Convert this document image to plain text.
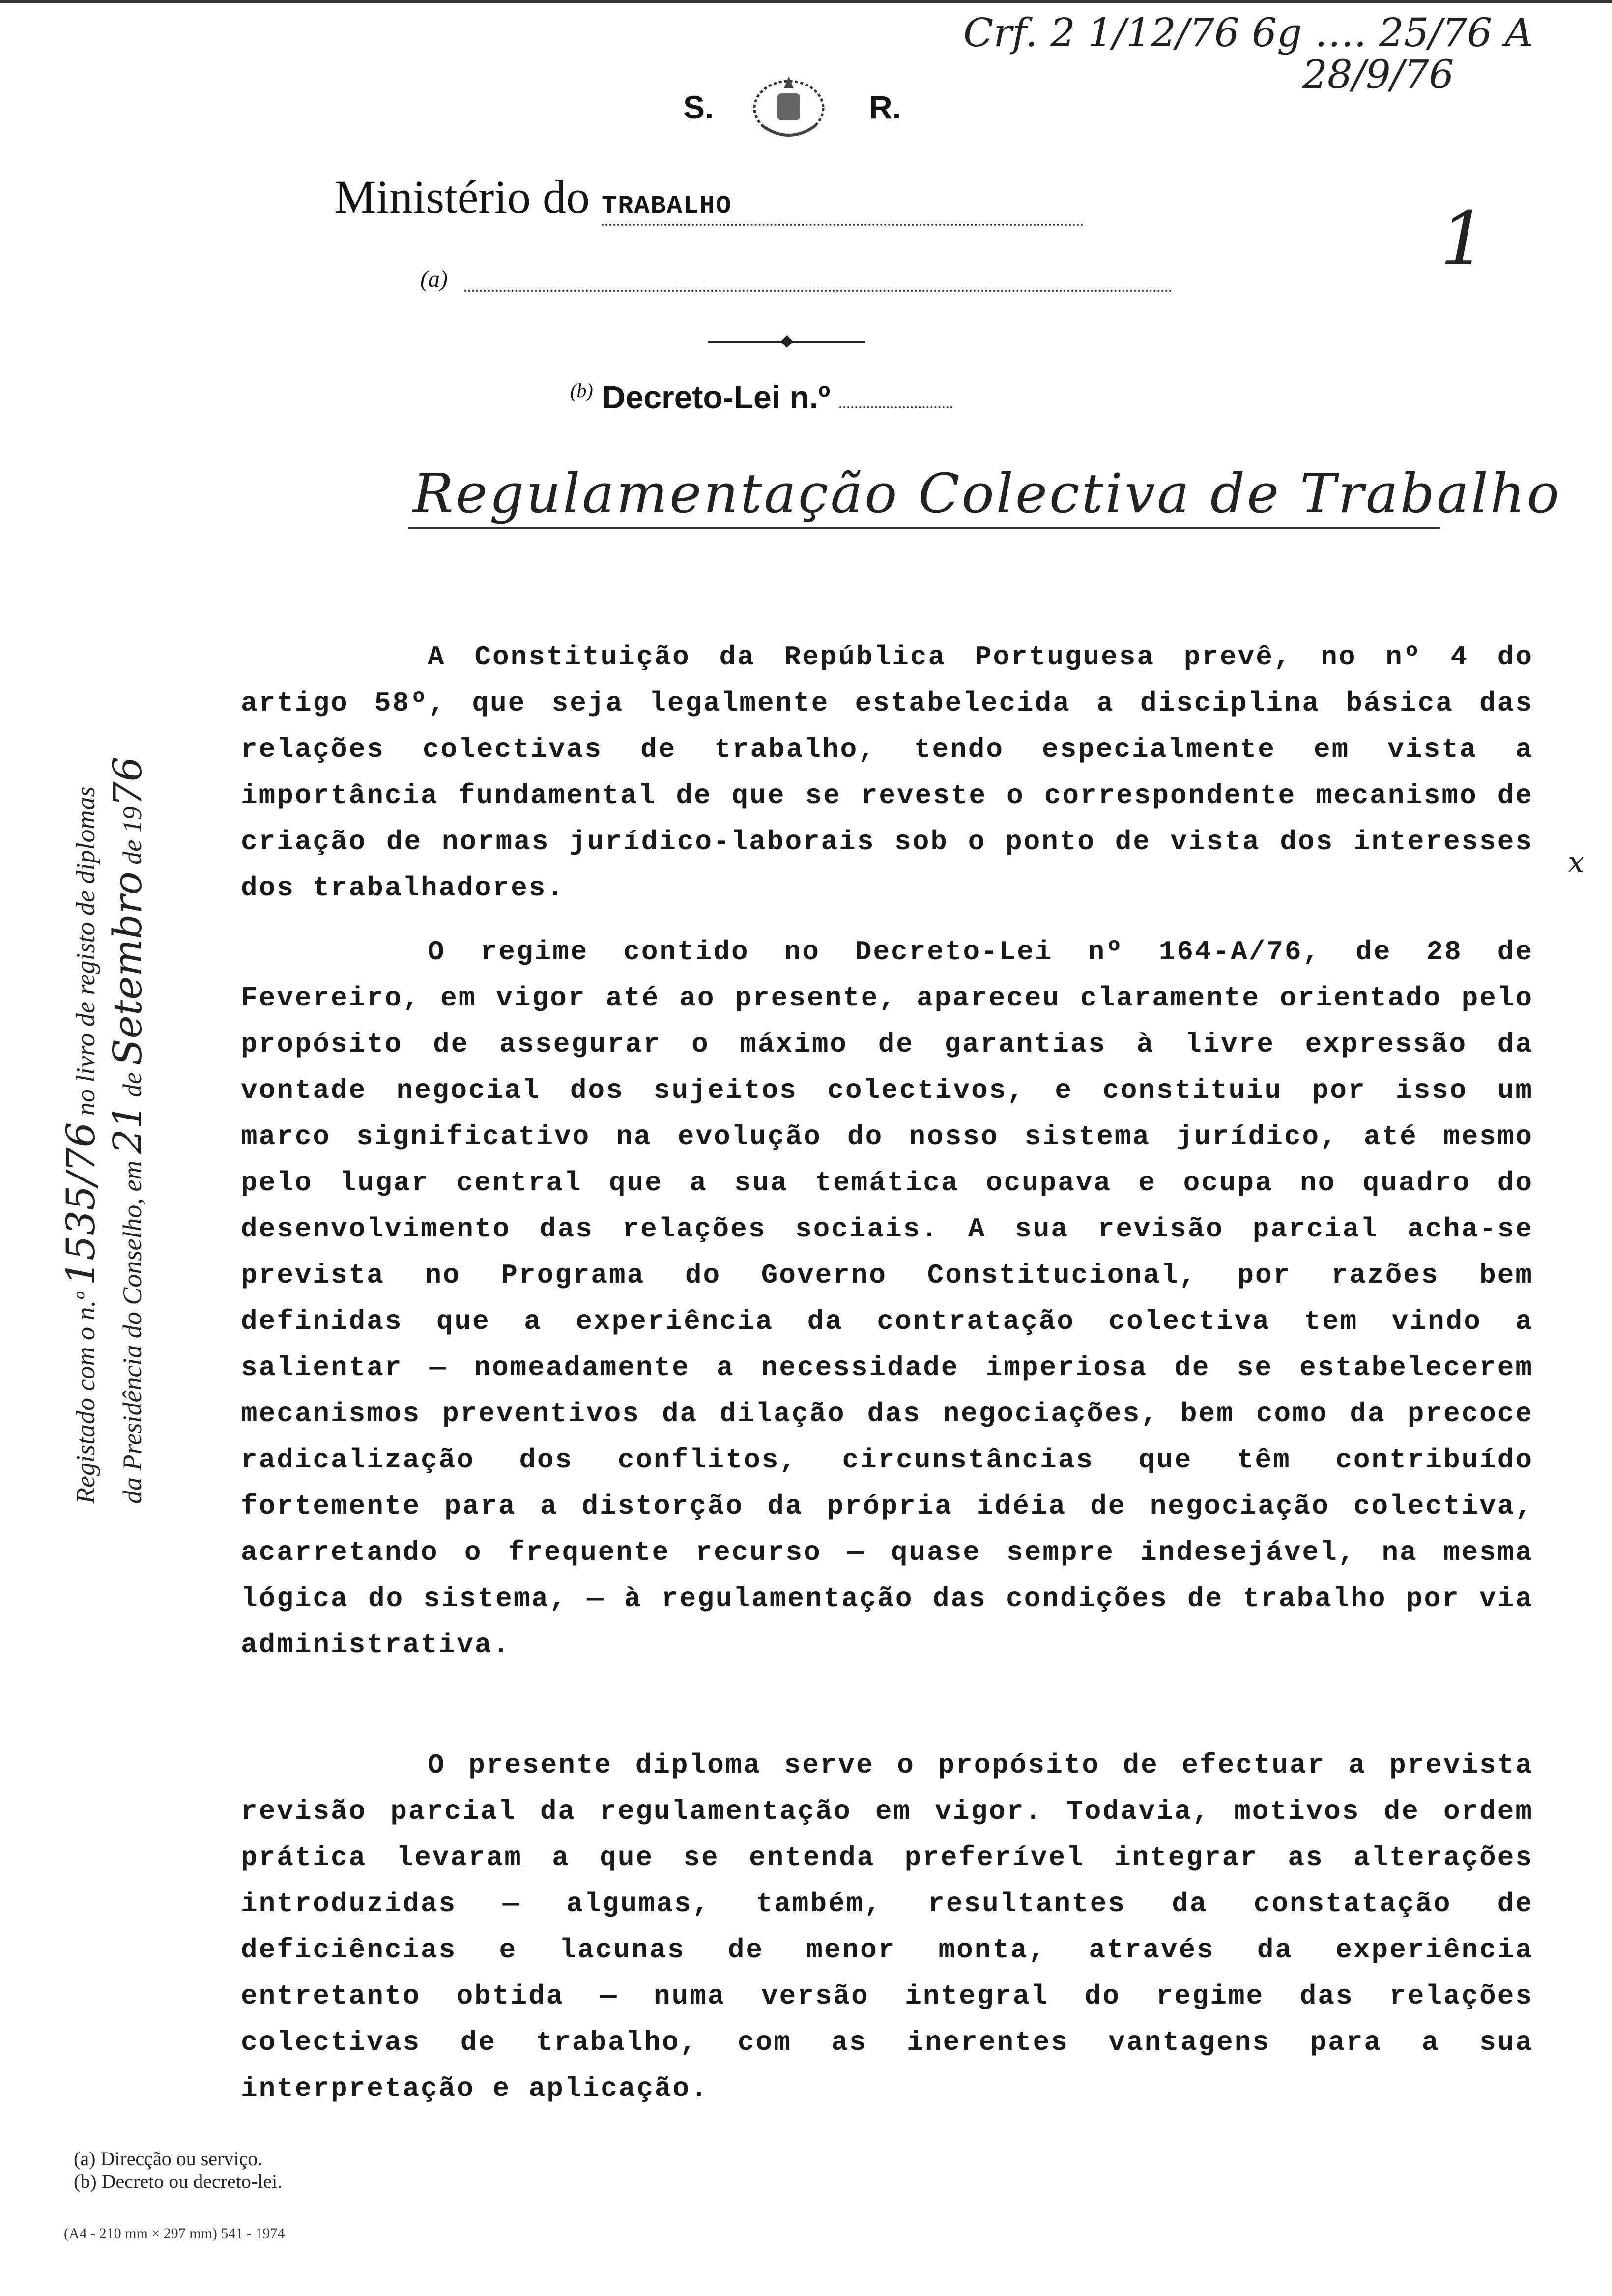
Crf. 2 1/12/76 6g …. 25/76 A
28/9/76
S.	R.
Ministério do TRABALHO	1
(a)
$^{(b)}$ Decreto-Lei n.º
Regulamentação Colectiva de Trabalho
Registado com o n.º 1535/76 no livro de registo de diplomas
da Presidência do Conselho, em 21 de Setembro de 1976
A Constituição da República Portuguesa prevê, no nº 4 do artigo 58º, que seja legalmente estabelecida a disciplina básica das relações colectivas de trabalho, tendo especialmente em vista a importância fundamental de que se reveste o correspondente mecanismo de criação de normas jurídico-laborais sob o ponto de vista dos interesses dos trabalhadores.
x
O regime contido no Decreto-Lei nº 164-A/76, de 28 de Fevereiro, em vigor até ao presente, apareceu claramente orientado pelo propósito de assegurar o máximo de garantias à livre expressão da vontade negocial dos sujeitos colectivos, e constituiu por isso um marco significativo na evolução do nosso sistema jurídico, até mesmo pelo lugar central que a sua temática ocupava e ocupa no quadro do desenvolvimento das relações sociais. A sua revisão parcial acha-se prevista no Programa do Governo Constitucional, por razões bem definidas que a experiência da contratação colectiva tem vindo a salientar — nomeadamente a necessidade imperiosa de se estabelecerem mecanismos preventivos da dilação das negociações, bem como da precoce radicalização dos conflitos, circunstâncias que têm contribuído fortemente para a distorção da própria idéia de negociação colectiva, acarretando o frequente recurso — quase sempre indesejável, na mesma lógica do sistema, — à regulamentação das condições de trabalho por via administrativa.
O presente diploma serve o propósito de efectuar a prevista revisão parcial da regulamentação em vigor. Todavia, motivos de ordem prática levaram a que se entenda preferível integrar as alterações introduzidas — algumas, também, resultantes da constatação de deficiências e lacunas de menor monta, através da experiência entretanto obtida — numa versão integral do regime das relações colectivas de trabalho, com as inerentes vantagens para a sua interpretação e aplicação.
(a) Direcção ou serviço.
(b) Decreto ou decreto-lei.
(A4 - 210 mm × 297 mm) 541 - 1974
